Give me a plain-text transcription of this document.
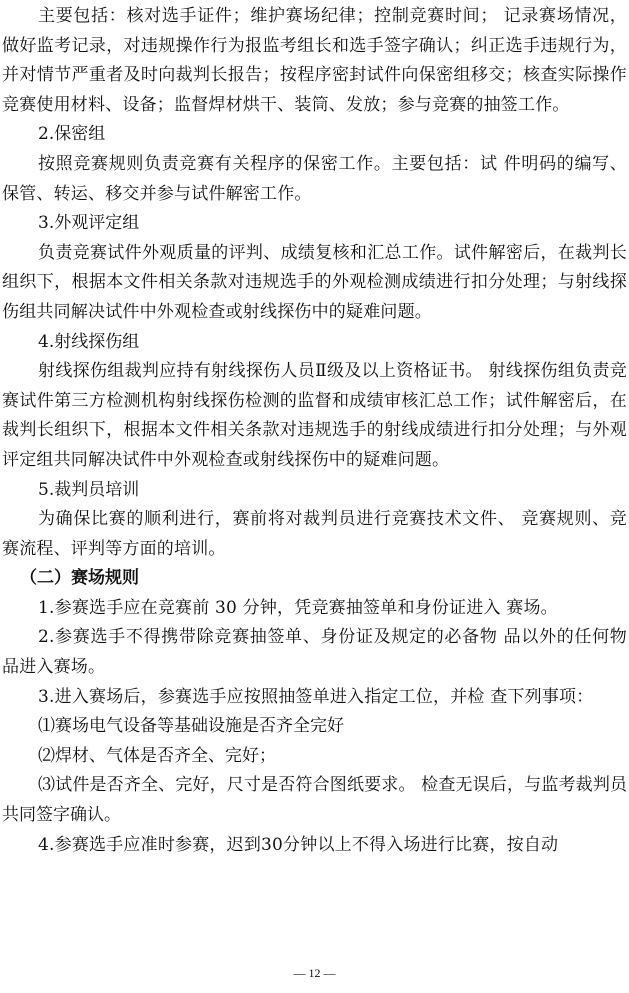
主要包括：核对选手证件；维护赛场纪律；控制竞赛时间； 记录赛场情况，做好监考记录，对违规操作行为报监考组长和选手签字确认；纠正选手违规行为，并对情节严重者及时向裁判长报告；按程序密封试件向保密组移交；核查实际操作竞赛使用材料、设备；监督焊材烘干、装筒、发放；参与竞赛的抽签工作。

2.保密组

按照竞赛规则负责竞赛有关程序的保密工作。主要包括：试 件明码的编写、保管、转运、移交并参与试件解密工作。

3.外观评定组

负责竞赛试件外观质量的评判、成绩复核和汇总工作。试件解密后，在裁判长组织下，根据本文件相关条款对违规选手的外观检测成绩进行扣分处理；与射线探伤组共同解决试件中外观检查或射线探伤中的疑难问题。

4.射线探伤组

射线探伤组裁判应持有射线探伤人员Ⅱ级及以上资格证书。 射线探伤组负责竞赛试件第三方检测机构射线探伤检测的监督和成绩审核汇总工作；试件解密后，在裁判长组织下，根据本文件相关条款对违规选手的射线成绩进行扣分处理；与外观评定组共同解决试件中外观检查或射线探伤中的疑难问题。

5.裁判员培训

为确保比赛的顺利进行，赛前将对裁判员进行竞赛技术文件、 竞赛规则、竞赛流程、评判等方面的培训。

（二）赛场规则

1.参赛选手应在竞赛前 30 分钟，凭竞赛抽签单和身份证进入 赛场。

2.参赛选手不得携带除竞赛抽签单、身份证及规定的必备物 品以外的任何物品进入赛场。

3.进入赛场后，参赛选手应按照抽签单进入指定工位，并检 查下列事项：

⑴赛场电气设备等基础设施是否齐全完好

⑵焊材、气体是否齐全、完好；

⑶试件是否齐全、完好，尺寸是否符合图纸要求。 检查无误后，与监考裁判员共同签字确认。

4.参赛选手应准时参赛，迟到30分钟以上不得入场进行比赛，按自动

— 12 —
